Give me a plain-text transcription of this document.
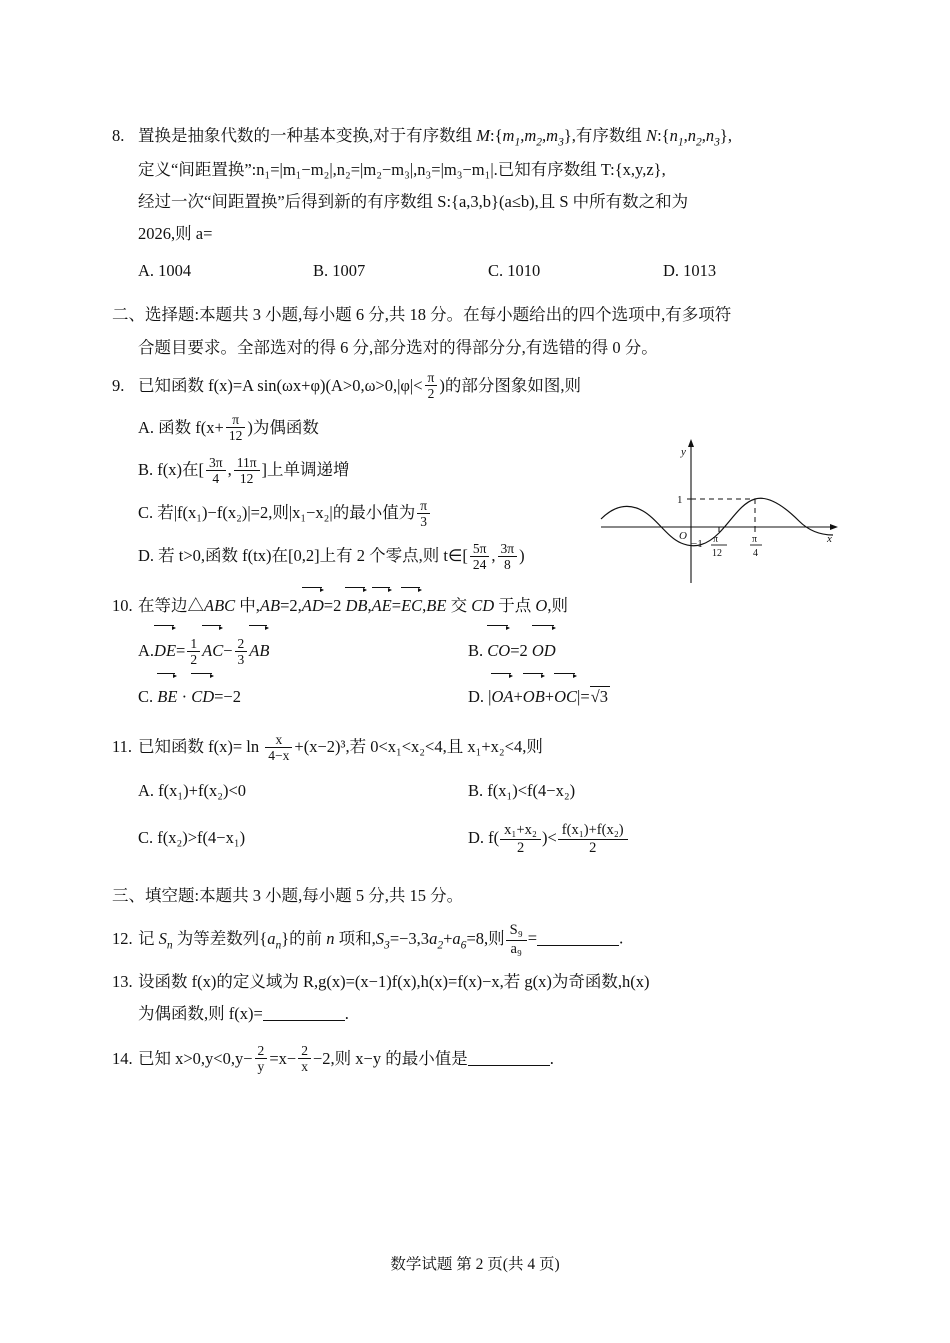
8. 置换是抽象代数的一种基本变换,对于有序数组 $M:\{m_1,m_2,m_3\}$,有序数组 $N:\{n_1,n_2,n_3\}$,
定义“间距置换”:n₁=|m₁−m₂|,n₂=|m₂−m₃|,n₃=|m₃−m₁|.已知有序数组 T:{x,y,z},
经过一次“间距置换”后得到新的有序数组 S:{a,3,b}(a≤b),且 S 中所有数之和为
2026,则 a=
A. 1004	B. 1007	C. 1010	D. 1013
二、选择题:本题共 3 小题,每小题 6 分,共 18 分。在每小题给出的四个选项中,有多项符
合题目要求。全部选对的得 6 分,部分选对的得部分分,有选错的得 0 分。
9. 已知函数 f(x)=A $\sin(\omega x+\varphi)(A>0,\omega>0,|\varphi|< \frac{\pi}{2}$ )的部分图象如图,则
A. 函数 $f(x+ \frac{\pi}{12}$ )为偶函数
B. f(x)在[ $\frac{3\pi}{4}$ , $\frac{11\pi}{12}$ ]上单调递增
C. 若|f(x₁)−f(x₂)|=2,则|x₁−x₂|的最小值为 $\frac{\pi}{3}$
D. 若 t>0,函数 f(tx)在[0,2]上有 2 个零点,则 t∈[ $\frac{5\pi}{24}$ , $\frac{3\pi}{8}$ )
10. 在等边△ABC 中,AB=2,AD=2 DB,AE=EC,BE 交 CD 于点 O,则
$A.DE= \frac{1}{2} AC- \frac{2}{3}$ AB	B. CO=2 OD
C. BE · CD=−2	D. |OA+OB+OC|=√3
11. 已知函数 $f(x)= \ln \frac{x}{4-x} +(x-2)^3$,若 0<x₁<x₂<4,且 x₁+x₂<4,则
A. f(x₁)+f(x₂)<0	B. f(x₁)<f(4−x₂)
C. f(x₂)>f(4−x₁)	D. $f( \frac{\text{x₁+x₂}}{2}$ )< $\frac{\text{f(x₁)+f(x₂)}}{2}$
三、填空题:本题共 3 小题,每小题 5 分,共 15 分。
12. 记 $S_n$ 为等差数列$\{a_n\}$的前 n 项和$,S_3=-3,3a_2+a_6=8$,则 $\frac{\text{S₉}}{\text{a₉}}$ =	.
13. 设函数 f(x)的定义域为 R,g(x)=(x−1)f(x),h(x)=f(x)−x,若 g(x)为奇函数,h(x)
为偶函数,则 f(x)=	.
14. 已知 $x>0,y<0,y- \frac{2}{y} =x- \frac{2}{x} -2$,则 x−y 的最小值是	.
y
x
O
1
−1 π
12
π
4
数学试题 第 2 页(共 4 页)
